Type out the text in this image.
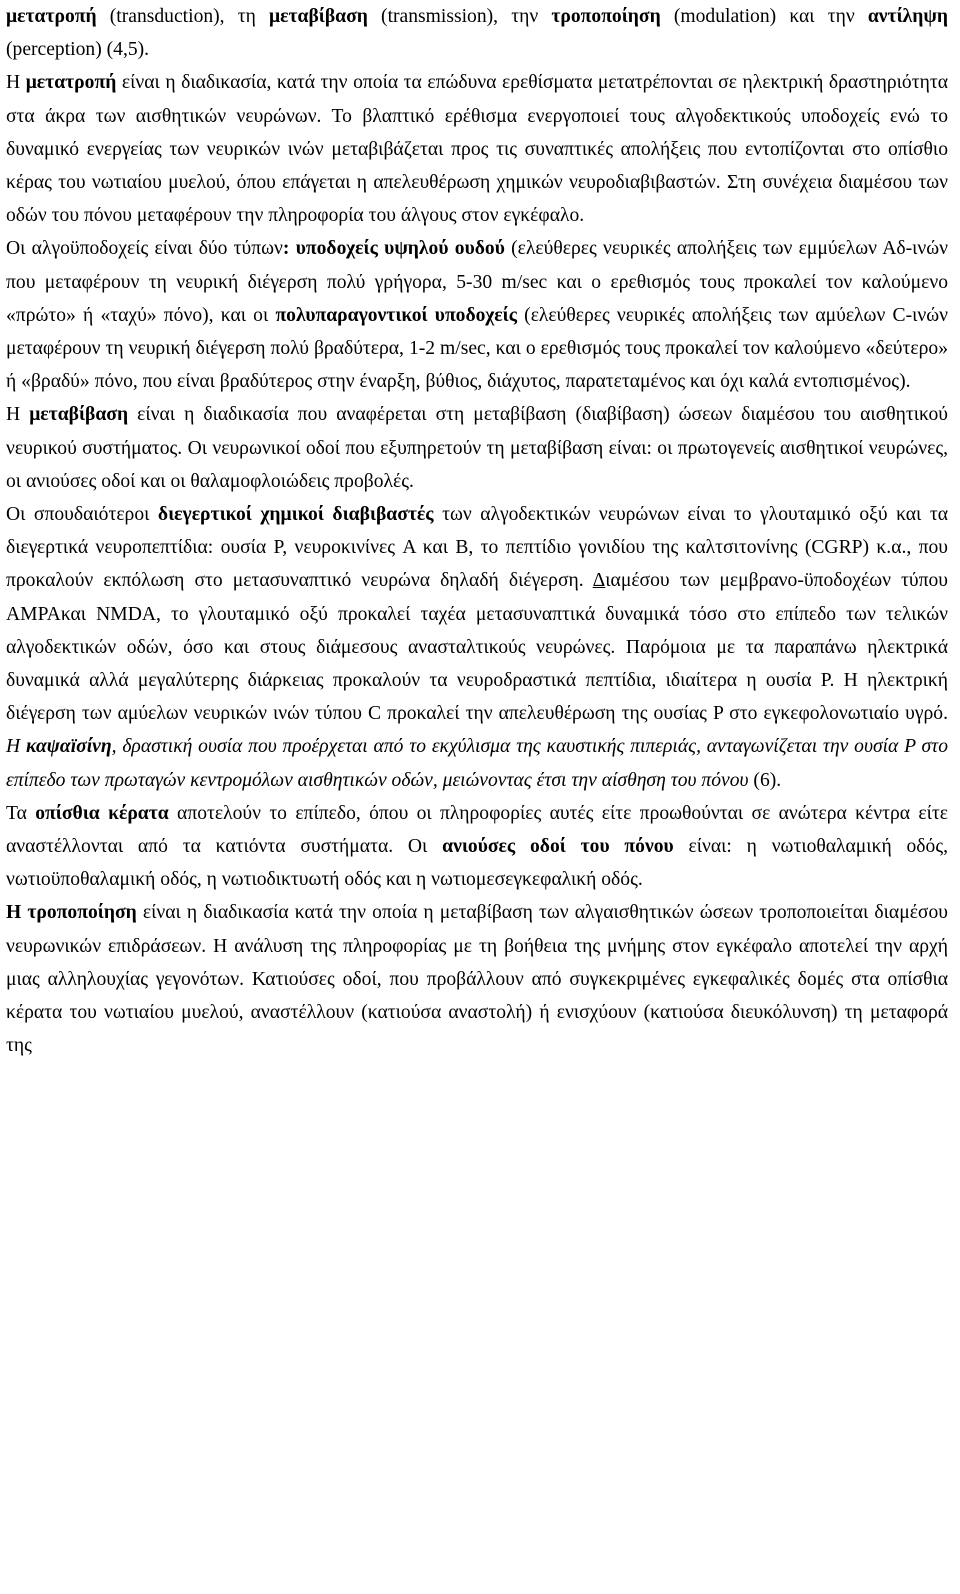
μετατροπή (transduction), τη μεταβίβαση (transmission), την τροποποίηση (modulation) και την αντίληψη (perception) (4,5).

Η μετατροπή είναι η διαδικασία, κατά την οποία τα επώδυνα ερεθίσματα μετατρέπονται σε ηλεκτρική δραστηριότητα στα άκρα των αισθητικών νευρώνων. Το βλαπτικό ερέθισμα ενεργοποιεί τους αλγοδεκτικούς υποδοχείς ενώ το δυναμικό ενεργείας των νευρικών ινών μεταβιβάζεται προς τις συναπτικές απολήξεις που εντοπίζονται στο οπίσθιο κέρας του νωτιαίου μυελού, όπου επάγεται η απελευθέρωση χημικών νευροδιαβιβαστών. Στη συνέχεια διαμέσου των οδών του πόνου μεταφέρουν την πληροφορία του άλγους στον εγκέφαλο.

Οι αλγοϋποδοχείς είναι δύο τύπων: υποδοχείς υψηλού ουδού (ελεύθερες νευρικές απολήξεις των εμμύελων Αδ-ινών που μεταφέρουν τη νευρική διέγερση πολύ γρήγορα, 5-30 m/sec και ο ερεθισμός τους προκαλεί τον καλούμενο «πρώτο» ή «ταχύ» πόνο), και οι πολυπαραγοντικοί υποδοχείς (ελεύθερες νευρικές απολήξεις των αμύελων C-ινών μεταφέρουν τη νευρική διέγερση πολύ βραδύτερα, 1-2 m/sec, και ο ερεθισμός τους προκαλεί τον καλούμενο «δεύτερο» ή «βραδύ» πόνο, που είναι βραδύτερος στην έναρξη, βύθιος, διάχυτος, παρατεταμένος και όχι καλά εντοπισμένος).

Η μεταβίβαση είναι η διαδικασία που αναφέρεται στη μεταβίβαση (διαβίβαση) ώσεων διαμέσου του αισθητικού νευρικού συστήματος. Οι νευρωνικοί οδοί που εξυπηρετούν τη μεταβίβαση είναι: οι πρωτογενείς αισθητικοί νευρώνες, οι ανιούσες οδοί και οι θαλαμοφλοιώδεις προβολές.

Οι σπουδαιότεροι διεγερτικοί χημικοί διαβιβαστές των αλγοδεκτικών νευρώνων είναι το γλουταμικό οξύ και τα διεγερτικά νευροπεπτίδια: ουσία P, νευροκινίνες A και B, το πεπτίδιο γονιδίου της καλτσιτονίνης (CGRP) κ.α., που προκαλούν εκπόλωση στο μετασυναπτικό νευρώνα δηλαδή διέγερση. Διαμέσου των μεμβρανο-ϋποδοχέων τύπου AMPAκαι NMDA, το γλουταμικό οξύ προκαλεί ταχέα μετασυναπτικά δυναμικά τόσο στο επίπεδο των τελικών αλγοδεκτικών οδών, όσο και στους διάμεσους ανασταλτικούς νευρώνες. Παρόμοια με τα παραπάνω ηλεκτρικά δυναμικά αλλά μεγαλύτερης διάρκειας προκαλούν τα νευροδραστικά πεπτίδια, ιδιαίτερα η ουσία P. Η ηλεκτρική διέγερση των αμύελων νευρικών ινών τύπου C προκαλεί την απελευθέρωση της ουσίας P στο εγκεφολονωτιαίο υγρό. Η καψαϊσίνη, δραστική ουσία που προέρχεται από το εκχύλισμα της καυστικής πιπεριάς, ανταγωνίζεται την ουσία P στο επίπεδο των πρωταγών κεντρομόλων αισθητικών οδών, μειώνοντας έτσι την αίσθηση του πόνου (6).

Τα οπίσθια κέρατα αποτελούν το επίπεδο, όπου οι πληροφορίες αυτές είτε προωθούνται σε ανώτερα κέντρα είτε αναστέλλονται από τα κατιόντα συστήματα. Οι ανιούσες οδοί του πόνου είναι: η νωτιοθαλαμική οδός, νωτιοϋποθαλαμική οδός, η νωτιοδικτυωτή οδός και η νωτιομεσεγκεφαλική οδός.

Η τροποποίηση είναι η διαδικασία κατά την οποία η μεταβίβαση των αλγαισθητικών ώσεων τροποποιείται διαμέσου νευρωνικών επιδράσεων. Η ανάλυση της πληροφορίας με τη βοήθεια της μνήμης στον εγκέφαλο αποτελεί την αρχή μιας αλληλουχίας γεγονότων. Κατιούσες οδοί, που προβάλλουν από συγκεκριμένες εγκεφαλικές δομές στα οπίσθια κέρατα του νωτιαίου μυελού, αναστέλλουν (κατιούσα αναστολή) ή ενισχύουν (κατιούσα διευκόλυνση) τη μεταφορά της
